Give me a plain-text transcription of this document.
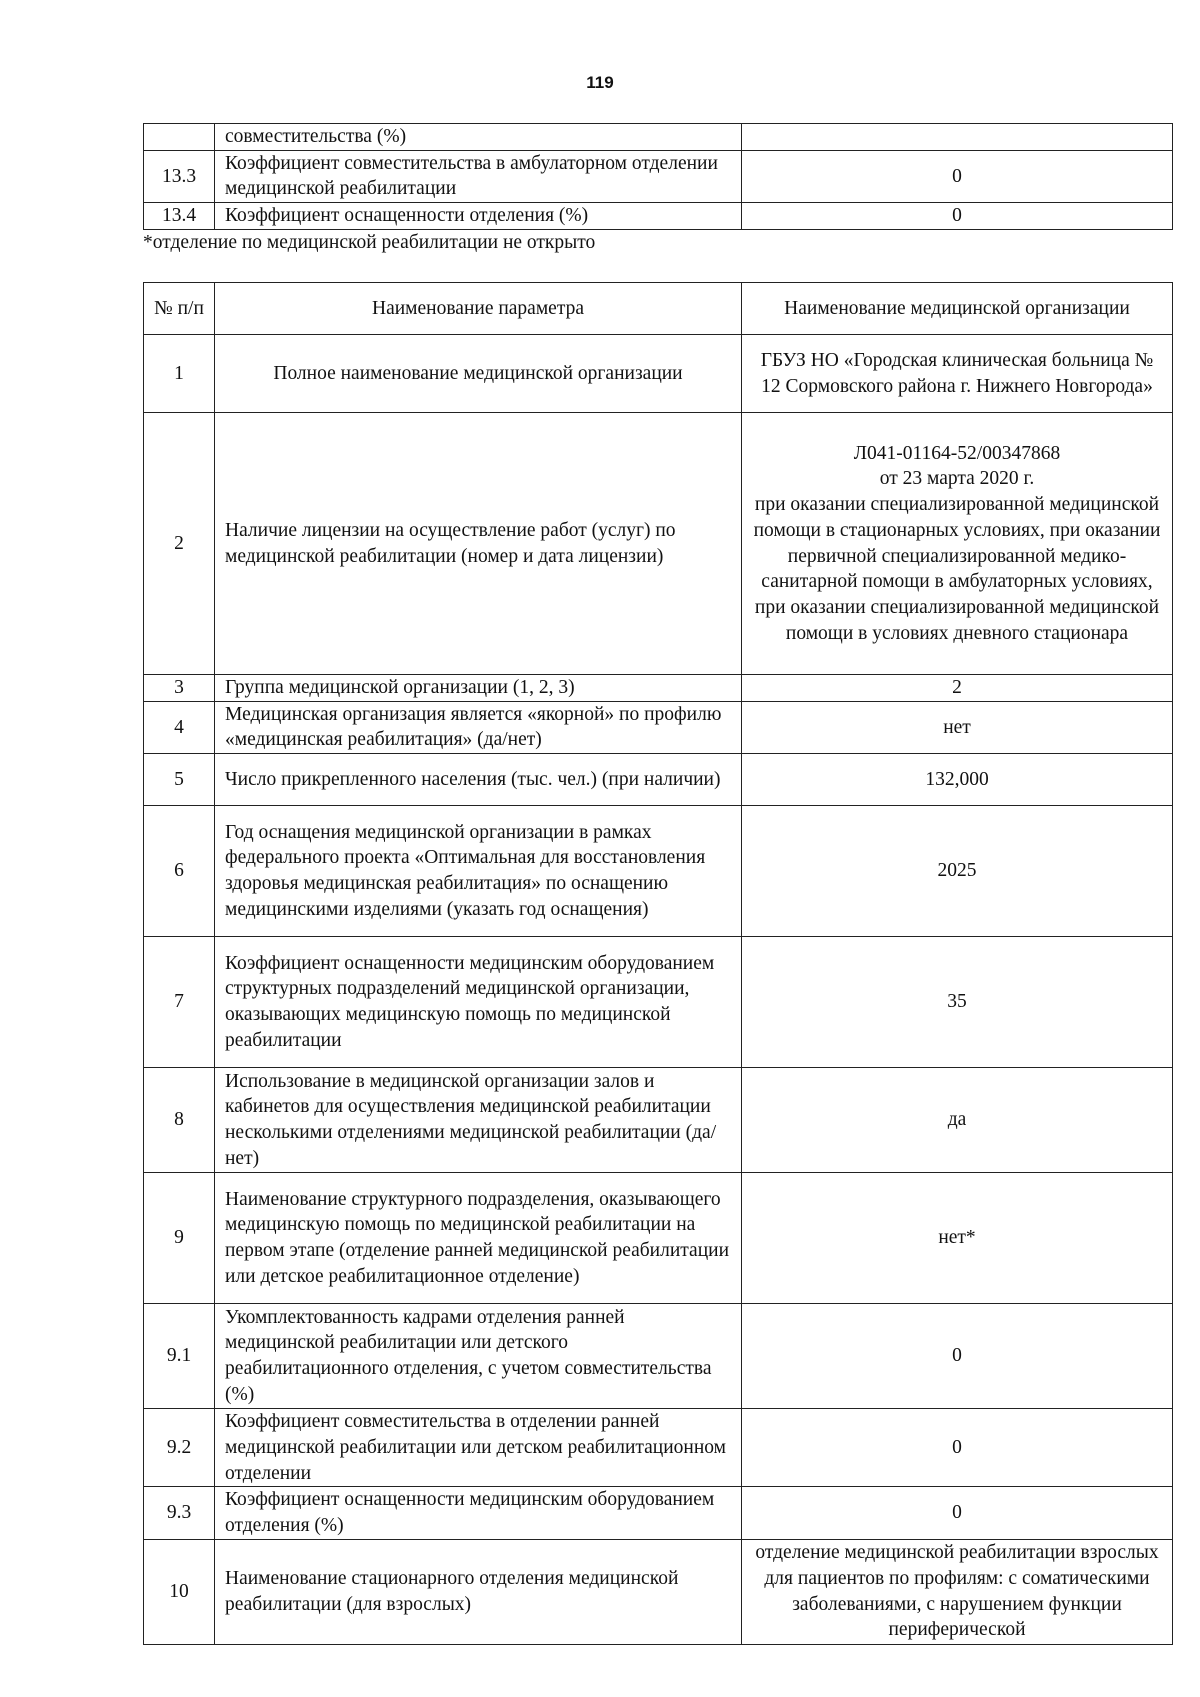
119
	совместительства (%)	
13.3	Коэффициент совместительства в амбулаторном отделении медицинской реабилитации	0
13.4	Коэффициент оснащенности отделения (%)	0
*отделение по медицинской реабилитации не открыто
№ п/п	Наименование параметра	Наименование медицинской организации
1	Полное наименование медицинской организации	ГБУЗ НО «Городская клиническая больница № 12 Сормовского района г. Нижнего Новгорода»
2	Наличие лицензии на осуществление работ (услуг) по медицинской реабилитации (номер и дата лицензии)	Л041-01164-52/00347868
от 23 марта 2020 г.
при оказании специализированной медицинской помощи в стационарных условиях, при оказании первичной специализированной медико-санитарной помощи в амбулаторных условиях, при оказании специализированной медицинской помощи в условиях дневного стационара
3	Группа медицинской организации (1, 2, 3)	2
4	Медицинская организация является «якорной» по профилю «медицинская реабилитация» (да/нет)	нет
5	Число прикрепленного населения (тыс. чел.) (при наличии)	132,000
6	Год оснащения медицинской организации в рамках федерального проекта «Оптимальная для восстановления здоровья медицинская реабилитация» по оснащению медицинскими изделиями (указать год оснащения)	2025
7	Коэффициент оснащенности медицинским оборудованием структурных подразделений медицинской организации, оказывающих медицинскую помощь по медицинской реабилитации	35
8	Использование в медицинской организации залов и кабинетов для осуществления медицинской реабилитации несколькими отделениями медицинской реабилитации (да/нет)	да
9	Наименование структурного подразделения, оказывающего медицинскую помощь по медицинской реабилитации на первом этапе (отделение ранней медицинской реабилитации или детское реабилитационное отделение)	нет*
9.1	Укомплектованность кадрами отделения ранней медицинской реабилитации или детского реабилитационного отделения, с учетом совместительства (%)	0
9.2	Коэффициент совместительства в отделении ранней медицинской реабилитации или детском реабилитационном отделении	0
9.3	Коэффициент оснащенности медицинским оборудованием отделения (%)	0
10	Наименование стационарного отделения медицинской реабилитации (для взрослых)	отделение медицинской реабилитации взрослых для пациентов по профилям: с соматическими заболеваниями, с нарушением функции периферической
